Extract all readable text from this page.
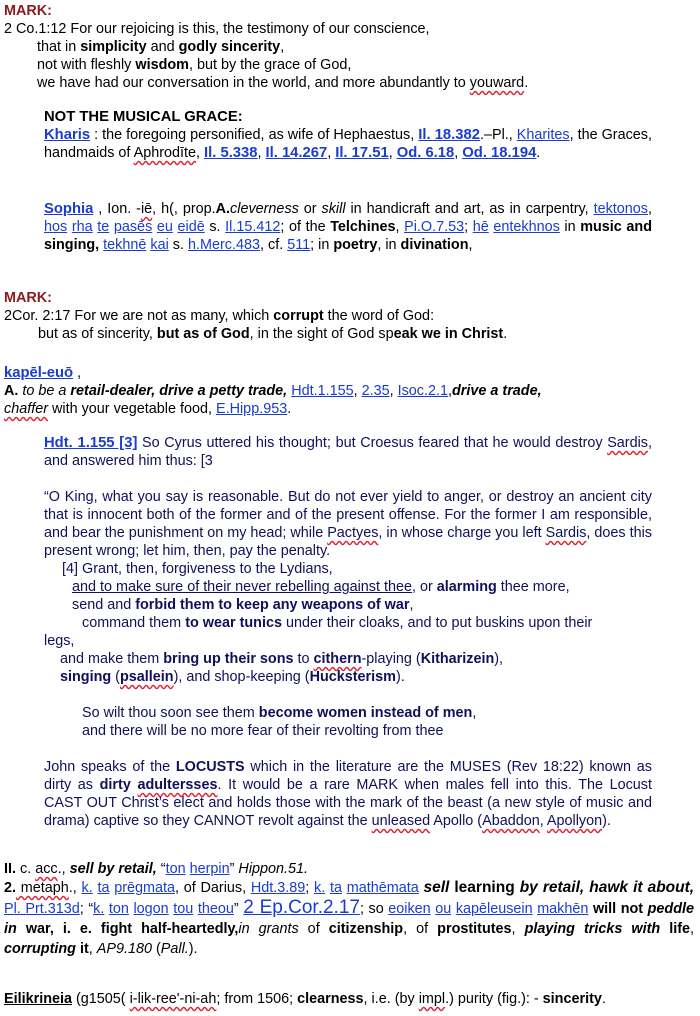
MARK:

2 Co.1:12 For our rejoicing is this, the testimony of our conscience,

that in simplicity and godly sincerity,

not with fleshly wisdom, but by the grace of God,

we have had our conversation in the world, and more abundantly to youward.

NOT THE MUSICAL GRACE:

Kharis : the foregoing personified, as wife of Hephaestus, Il. 18.382.–Pl., Kharites, the Graces, handmaids of Aphrodīte, Il. 5.338, Il. 14.267, Il. 17.51, Od. 6.18, Od. 18.194.

Sophia , Ion. -iē, h(, prop.A.cleverness or skill in handicraft and art, as in carpentry, tektonos, hos rha te pasēs eu eidē s. Il.15.412; of the Telchines, Pi.O.7.53; hē entekhnos in music and singing, tekhnē kai s. h.Merc.483, cf. 511; in poetry, in divination,

MARK:

2Cor. 2:17 For we are not as many, which corrupt the word of God:

but as of sincerity, but as of God, in the sight of God speak we in Christ.

kapēl-euō ,

A. to be a retail-dealer, drive a petty trade, Hdt.1.155, 2.35, Isoc.2.1,drive a trade,

chaffer with your vegetable food, E.Hipp.953.

Hdt. 1.155 [3] So Cyrus uttered his thought; but Croesus feared that he would destroy Sardis, and answered him thus: [3

“O King, what you say is reasonable. But do not ever yield to anger, or destroy an ancient city that is innocent both of the former and of the present offense. For the former I am responsible, and bear the punishment on my head; while Pactyes, in whose charge you left Sardis, does this present wrong; let him, then, pay the penalty.

[4] Grant, then, forgiveness to the Lydians,

and to make sure of their never rebelling against thee, or alarming thee more,

send and forbid them to keep any weapons of war,

command them to wear tunics under their cloaks, and to put buskins upon their

legs,

and make them bring up their sons to cithern-playing (Kitharizein),

singing (psallein), and shop-keeping (Hucksterism).

So wilt thou soon see them become women instead of men,

and there will be no more fear of their revolting from thee

John speaks of the LOCUSTS which in the literature are the MUSES (Rev 18:22) known as dirty as dirty adultersses. It would be a rare MARK when males fell into this. The Locust CAST OUT Christ’s elect and holds those with the mark of the beast (a new style of music and drama) captive so they CANNOT revolt against the unleased Apollo (Abaddon, Apollyon).

II. c. acc., sell by retail, “ton herpin” Hippon.51.

2. metaph., k. ta prēgmata, of Darius, Hdt.3.89; k. ta mathēmata sell learning by retail, hawk it about, Pl. Prt.313d; “k. ton logon tou theou” 2 Ep.Cor.2.17; so eoiken ou kapēleusein makhēn will not peddle in war, i. e. fight half-heartedly,in grants of citizenship, of prostitutes, playing tricks with life, corrupting it, AP9.180 (Pall.).

Eilikrineia (g1505( i-lik-ree'-ni-ah; from 1506; clearness, i.e. (by impl.) purity (fig.): - sincerity.
